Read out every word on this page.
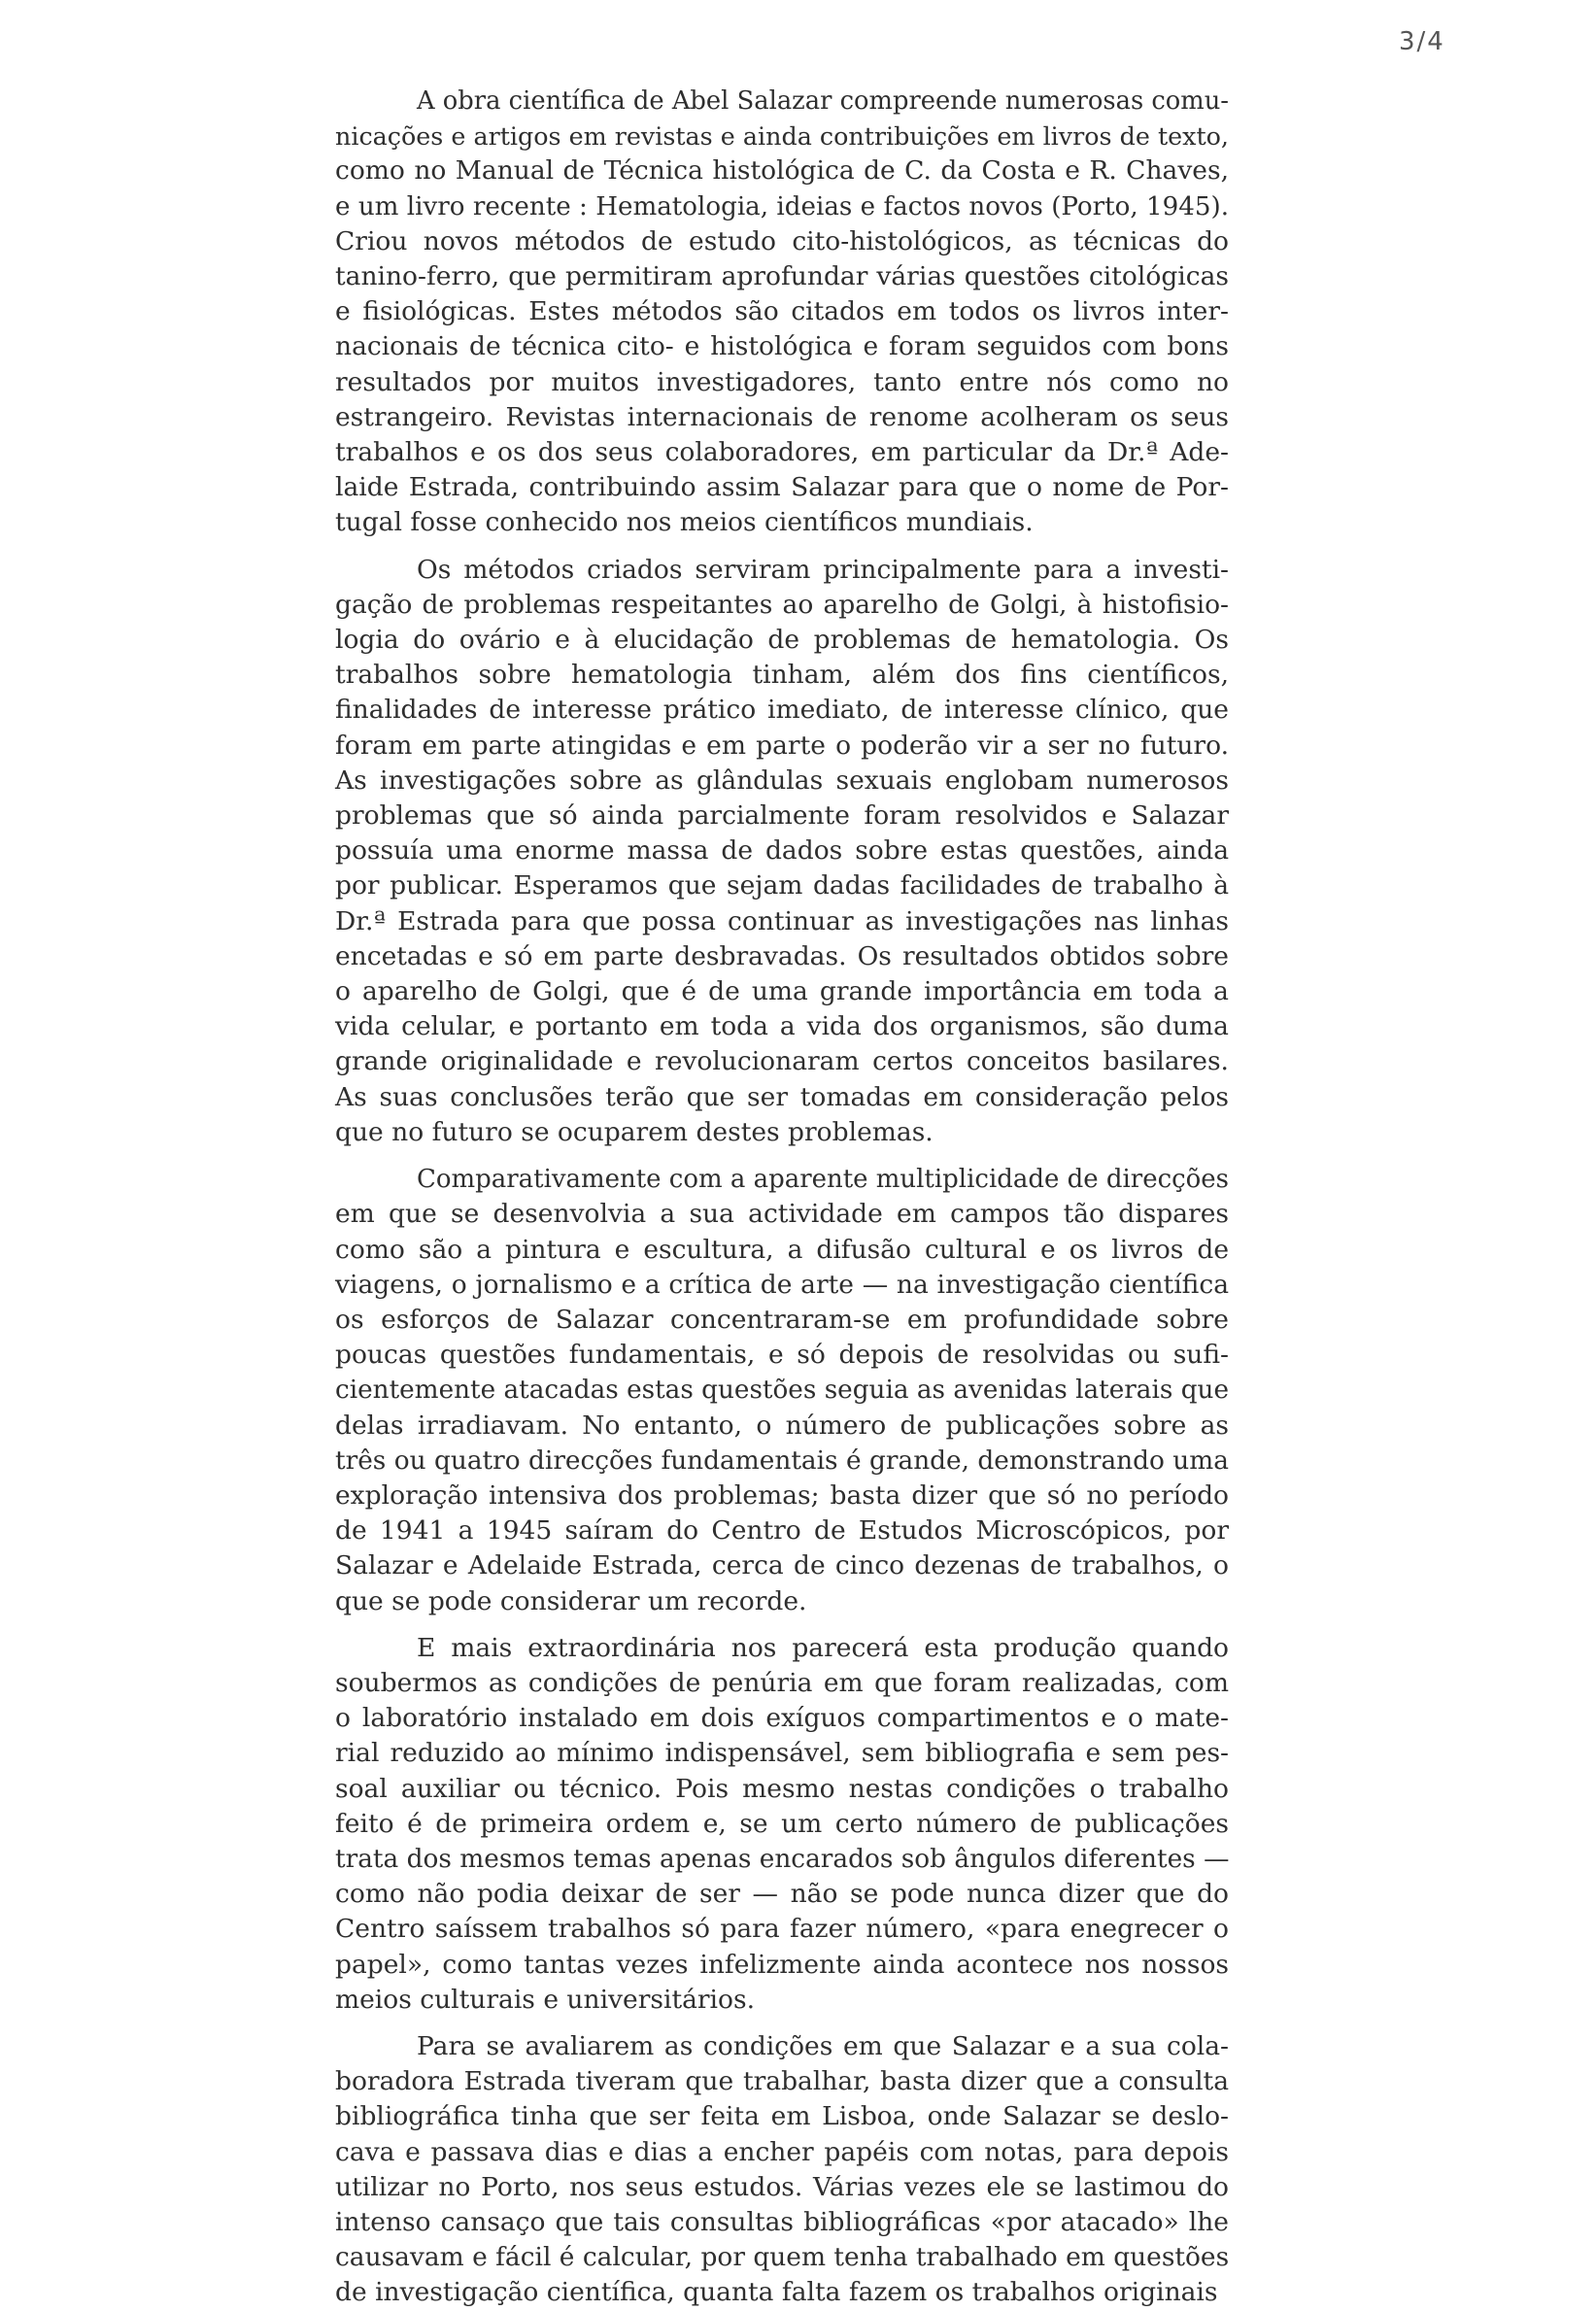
3/4
A obra científica de Abel Salazar compreende numerosas comu-
nicações e artigos em revistas e ainda contribuições em livros de texto,
como no Manual de Técnica histológica de C. da Costa e R. Chaves,
e um livro recente : Hematologia, ideias e factos novos (Porto, 1945).
Criou novos métodos de estudo cito-histológicos, as técnicas do
tanino-ferro, que permitiram aprofundar várias questões citológicas
e fisiológicas. Estes métodos são citados em todos os livros inter-
nacionais de técnica cito- e histológica e foram seguidos com bons
resultados por muitos investigadores, tanto entre nós como no
estrangeiro. Revistas internacionais de renome acolheram os seus
trabalhos e os dos seus colaboradores, em particular da Dr.ª Ade-
laide Estrada, contribuindo assim Salazar para que o nome de Por-
tugal fosse conhecido nos meios científicos mundiais.
Os métodos criados serviram principalmente para a investi-
gação de problemas respeitantes ao aparelho de Golgi, à histofisio-
logia do ovário e à elucidação de problemas de hematologia. Os
trabalhos sobre hematologia tinham, além dos fins científicos,
finalidades de interesse prático imediato, de interesse clínico, que
foram em parte atingidas e em parte o poderão vir a ser no futuro.
As investigações sobre as glândulas sexuais englobam numerosos
problemas que só ainda parcialmente foram resolvidos e Salazar
possuía uma enorme massa de dados sobre estas questões, ainda
por publicar. Esperamos que sejam dadas facilidades de trabalho à
Dr.ª Estrada para que possa continuar as investigações nas linhas
encetadas e só em parte desbravadas. Os resultados obtidos sobre
o aparelho de Golgi, que é de uma grande importância em toda a
vida celular, e portanto em toda a vida dos organismos, são duma
grande originalidade e revolucionaram certos conceitos basilares.
As suas conclusões terão que ser tomadas em consideração pelos
que no futuro se ocuparem destes problemas.
Comparativamente com a aparente multiplicidade de direcções
em que se desenvolvia a sua actividade em campos tão dispares
como são a pintura e escultura, a difusão cultural e os livros de
viagens, o jornalismo e a crítica de arte — na investigação científica
os esforços de Salazar concentraram-se em profundidade sobre
poucas questões fundamentais, e só depois de resolvidas ou sufi-
cientemente atacadas estas questões seguia as avenidas laterais que
delas irradiavam. No entanto, o número de publicações sobre as
três ou quatro direcções fundamentais é grande, demonstrando uma
exploração intensiva dos problemas; basta dizer que só no período
de 1941 a 1945 saíram do Centro de Estudos Microscópicos, por
Salazar e Adelaide Estrada, cerca de cinco dezenas de trabalhos, o
que se pode considerar um recorde.
E mais extraordinária nos parecerá esta produção quando
soubermos as condições de penúria em que foram realizadas, com
o laboratório instalado em dois exíguos compartimentos e o mate-
rial reduzido ao mínimo indispensável, sem bibliografia e sem pes-
soal auxiliar ou técnico. Pois mesmo nestas condições o trabalho
feito é de primeira ordem e, se um certo número de publicações
trata dos mesmos temas apenas encarados sob ângulos diferentes —
como não podia deixar de ser — não se pode nunca dizer que do
Centro saíssem trabalhos só para fazer número, «para enegrecer o
papel», como tantas vezes infelizmente ainda acontece nos nossos
meios culturais e universitários.
Para se avaliarem as condições em que Salazar e a sua cola-
boradora Estrada tiveram que trabalhar, basta dizer que a consulta
bibliográfica tinha que ser feita em Lisboa, onde Salazar se deslo-
cava e passava dias e dias a encher papéis com notas, para depois
utilizar no Porto, nos seus estudos. Várias vezes ele se lastimou do
intenso cansaço que tais consultas bibliográficas «por atacado» lhe
causavam e fácil é calcular, por quem tenha trabalhado em questões
de investigação científica, quanta falta fazem os trabalhos originais
